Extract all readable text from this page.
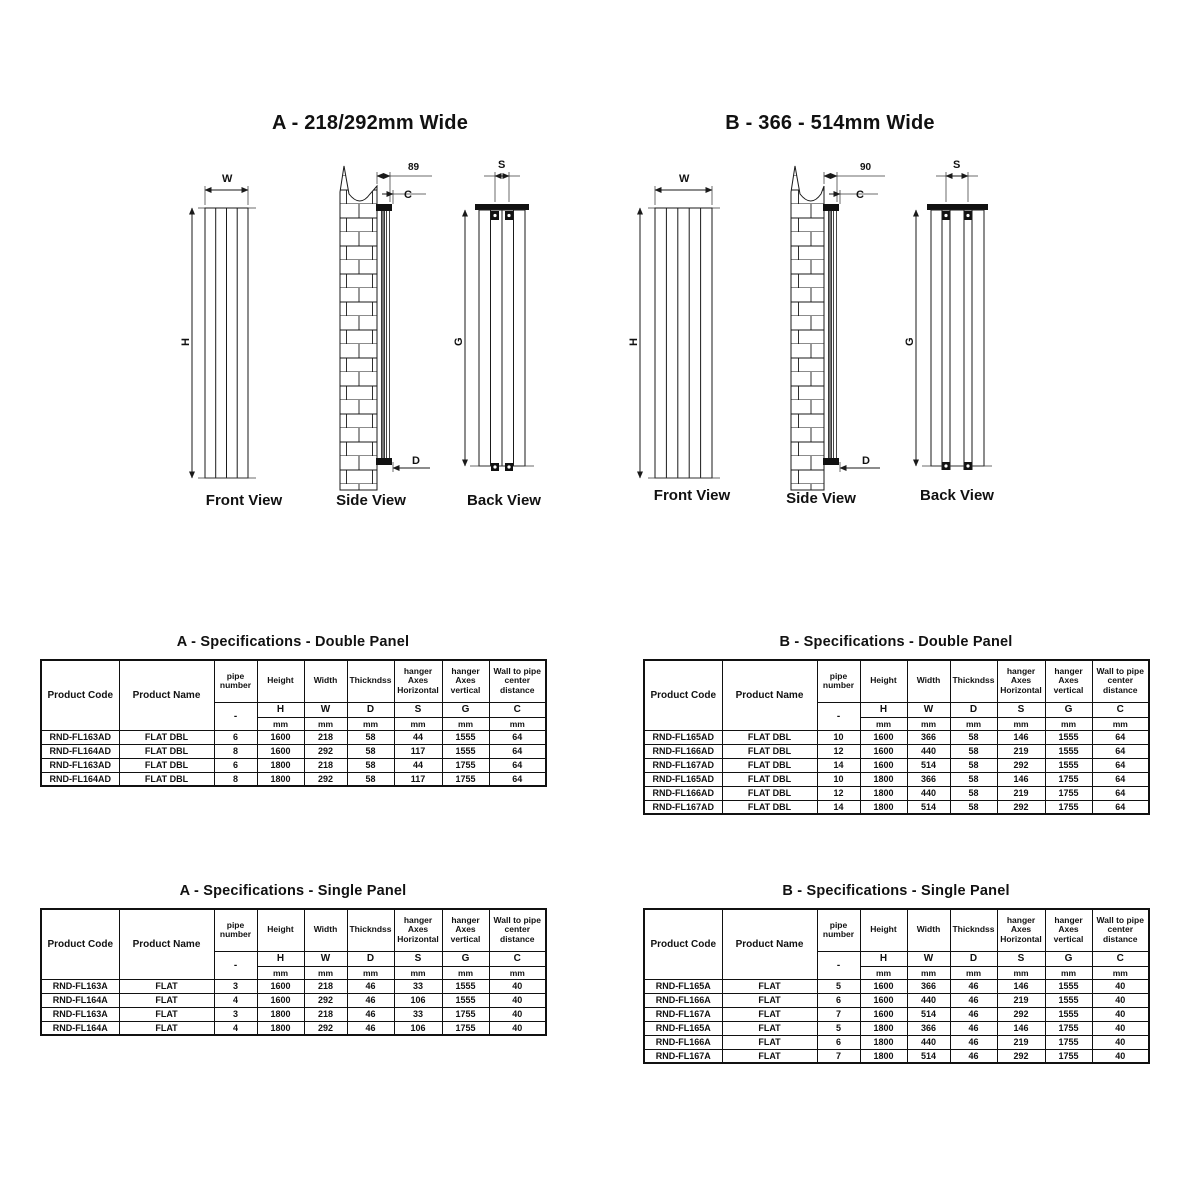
A - 218/292mm Wide
W
H
89
C
D
S
G
Front View	Side View	Back View
B - 366 - 514mm Wide
W
H
90
C
D
S
G
Front View	Side View	Back View
A - Specifications - Double Panel
Product Code	Product Name	pipe number	Height	Width	Thickndss	hanger Axes Horizontal	hanger Axes vertical	Wall to pipe center distance
		-	H	W	D	S	G	C
			mm	mm	mm	mm	mm	mm
RND-FL163AD	FLAT DBL	6	1600	218	58	44	1555	64
RND-FL164AD	FLAT DBL	8	1600	292	58	117	1555	64
RND-FL163AD	FLAT DBL	6	1800	218	58	44	1755	64
RND-FL164AD	FLAT DBL	8	1800	292	58	117	1755	64
B - Specifications - Double Panel
Product Code	Product Name	pipe number	Height	Width	Thickndss	hanger Axes Horizontal	hanger Axes vertical	Wall to pipe center distance
		-	H	W	D	S	G	C
			mm	mm	mm	mm	mm	mm
RND-FL165AD	FLAT DBL	10	1600	366	58	146	1555	64
RND-FL166AD	FLAT DBL	12	1600	440	58	219	1555	64
RND-FL167AD	FLAT DBL	14	1600	514	58	292	1555	64
RND-FL165AD	FLAT DBL	10	1800	366	58	146	1755	64
RND-FL166AD	FLAT DBL	12	1800	440	58	219	1755	64
RND-FL167AD	FLAT DBL	14	1800	514	58	292	1755	64
A - Specifications - Single Panel
Product Code	Product Name	pipe number	Height	Width	Thickndss	hanger Axes Horizontal	hanger Axes vertical	Wall to pipe center distance
		-	H	W	D	S	G	C
			mm	mm	mm	mm	mm	mm
RND-FL163A	FLAT	3	1600	218	46	33	1555	40
RND-FL164A	FLAT	4	1600	292	46	106	1555	40
RND-FL163A	FLAT	3	1800	218	46	33	1755	40
RND-FL164A	FLAT	4	1800	292	46	106	1755	40
B - Specifications - Single Panel
Product Code	Product Name	pipe number	Height	Width	Thickndss	hanger Axes Horizontal	hanger Axes vertical	Wall to pipe center distance
		-	H	W	D	S	G	C
			mm	mm	mm	mm	mm	mm
RND-FL165A	FLAT	5	1600	366	46	146	1555	40
RND-FL166A	FLAT	6	1600	440	46	219	1555	40
RND-FL167A	FLAT	7	1600	514	46	292	1555	40
RND-FL165A	FLAT	5	1800	366	46	146	1755	40
RND-FL166A	FLAT	6	1800	440	46	219	1755	40
RND-FL167A	FLAT	7	1800	514	46	292	1755	40
